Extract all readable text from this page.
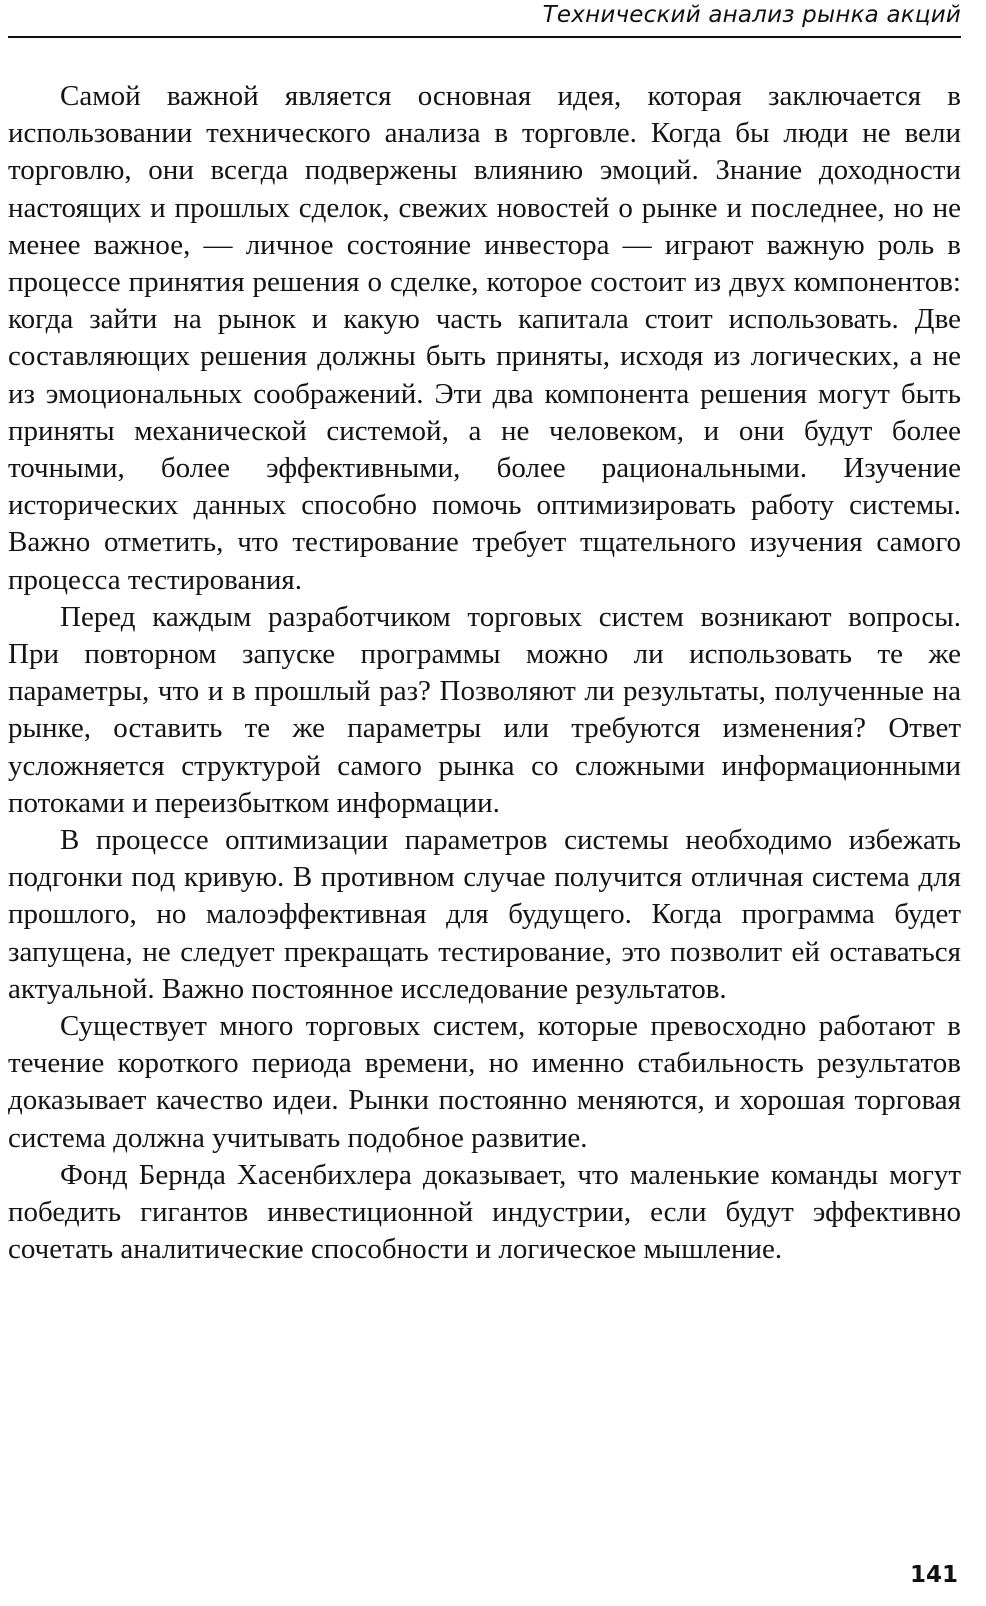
Технический анализ рынка акций

Самой важной является основная идея, которая заключается в использовании технического анализа в торговле. Когда бы люди не вели торговлю, они всегда подвержены влиянию эмоций. Знание доходности настоящих и прошлых сделок, свежих новостей о рынке и последнее, но не менее важное, — личное состояние инвестора — играют важную роль в процессе принятия решения о сделке, которое состоит из двух компонентов: когда зайти на рынок и какую часть капитала стоит использовать. Две составляющих решения должны быть приняты, исходя из логических, а не из эмоциональных соображений. Эти два компонента решения могут быть приняты механической системой, а не человеком, и они будут более точными, более эффективными, более рациональными. Изучение исторических данных способно помочь оптимизировать работу системы. Важно отметить, что тестирование требует тщательного изучения самого процесса тестирования.

Перед каждым разработчиком торговых систем возникают вопросы. При повторном запуске программы можно ли использовать те же параметры, что и в прошлый раз? Позволяют ли результаты, полученные на рынке, оставить те же параметры или требуются изменения? Ответ усложняется структурой самого рынка со сложными информационными потоками и переизбытком информации.

В процессе оптимизации параметров системы необходимо избежать подгонки под кривую. В противном случае получится отличная система для прошлого, но малоэффективная для будущего. Когда программа будет запущена, не следует прекращать тестирование, это позволит ей оставаться актуальной. Важно постоянное исследование результатов.

Существует много торговых систем, которые превосходно работают в течение короткого периода времени, но именно стабильность результатов доказывает качество идеи. Рынки постоянно меняются, и хорошая торговая система должна учитывать подобное развитие.

Фонд Бернда Хасенбихлера доказывает, что маленькие команды могут победить гигантов инвестиционной индустрии, если будут эффективно сочетать аналитические способности и логическое мышление.

141
